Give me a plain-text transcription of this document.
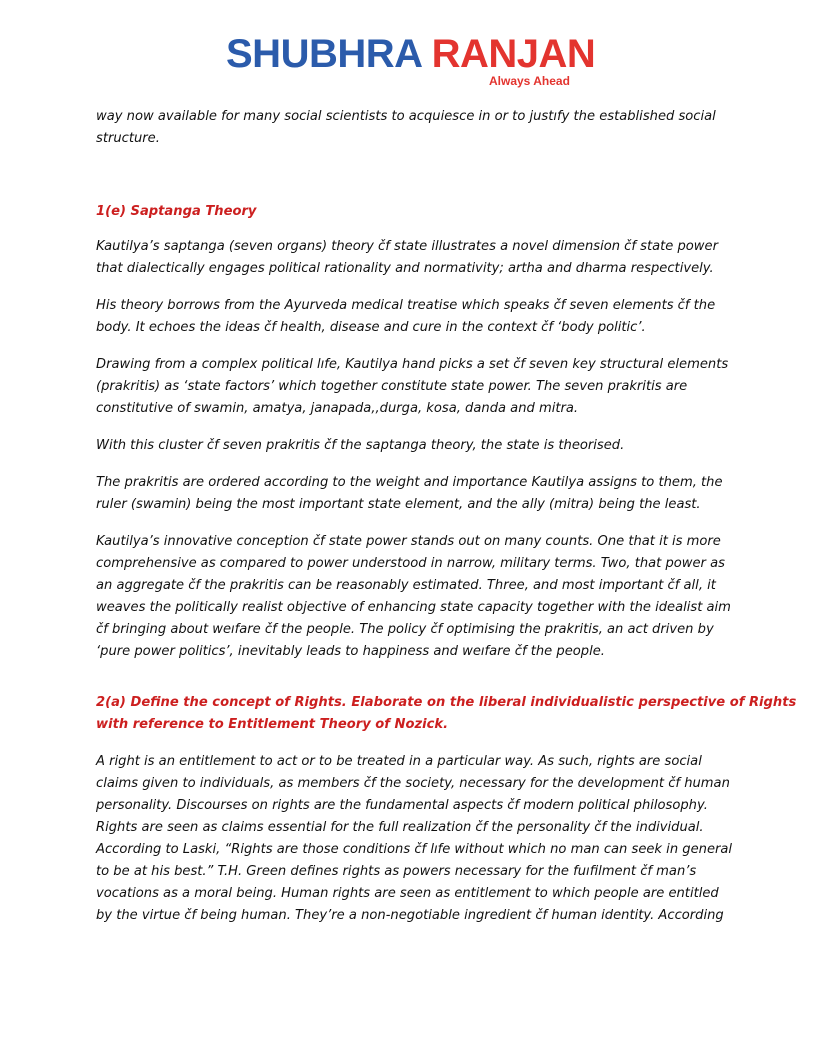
SHUBHRA RANJAN
Always Ahead

way now available for many social scientists to acquiesce in or to justıfy the established social
structure.

1(e) Saptanga Theory

Kautilya’s saptanga (seven organs) theory čf state illustrates a novel dimension čf state power
that dialectically engages political rationality and normativity; artha and dharma respectively.

His theory borrows from the Ayurveda medical treatise which speaks čf seven elements čf the
body. It echoes the ideas čf health, disease and cure in the context čf ‘body politic’.

Drawing from a complex political lıfe, Kautilya hand picks a set čf seven key structural elements
(prakritis) as ‘state factors’ which together constitute state power. The seven prakritis are
constitutive of swamin, amatya, janapada,,durga, kosa, danda and mitra.

With this cluster čf seven prakritis čf the saptanga theory, the state is theorised.

The prakritis are ordered according to the weight and importance Kautilya assigns to them, the
ruler (swamin) being the most important state element, and the ally (mitra) being the least.

Kautilya’s innovative conception čf state power stands out on many counts. One that it is more
comprehensive as compared to power understood in narrow, military terms. Two, that power as
an aggregate čf the prakritis can be reasonably estimated. Three, and most important čf all, it
weaves the politically realist objective of enhancing state capacity together with the idealist aim
čf bringing about weıfare čf the people. The policy čf optimising the prakritis, an act driven by
‘pure power politics’, inevitably leads to happiness and weıfare čf the people.

2(a) Define the concept of Rights. Elaborate on the liberal individualistic perspective of Rights
with reference to Entitlement Theory of Nozick.

A right is an entitlement to act or to be treated in a particular way. As such, rights are social
claims given to individuals, as members čf the society, necessary for the development čf human
personality. Discourses on rights are the fundamental aspects čf modern political philosophy.
Rights are seen as claims essential for the full realization čf the personality čf the individual.
According to Laski, “Rights are those conditions čf lıfe without which no man can seek in general
to be at his best.” T.H. Green defines rights as powers necessary for the fuıfilment čf man’s
vocations as a moral being. Human rights are seen as entitlement to which people are entitled
by the virtue čf being human. They’re a non-negotiable ingredient čf human identity. According
